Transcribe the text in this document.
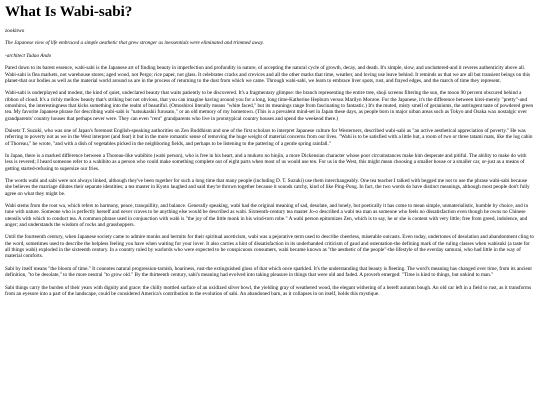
What Is Wabi-sabi?
zookitwo
The Japanese view of life embraced a simple aesthetic that grew stronger as inessentials were eliminated and trimmed away.
-architect Tadao Ando

Pared down to its barest essence, wabi-sabi is the Japanese art of finding beauty in imperfection and profundity in nature, of accepting the natural cycle of growth, decay, and death. It's simple, slow, and uncluttered-and it reveres authenticity above all. Wabi-sabi is flea markets, not warehouse stores; aged wood, not Pergo; rice paper, not glass. It celebrates cracks and crevices and all the other marks that time, weather, and loving use leave behind. It reminds us that we are all but transient beings on this planet-that our bodies as well as the material world around us are in the process of returning to the dust from which we came. Through wabi-sabi, we learn to embrace liver spots, rust, and frayed edges, and the march of time they represent.

Wabi-sabi is underplayed and modest, the kind of quiet, undeclared beauty that waits patiently to be discovered. It's a fragmentary glimpse: the branch representing the entire tree, shoji screens filtering the sun, the moon 90 percent obscured behind a ribbon of cloud. It's a richly mellow beauty that's striking but not obvious, that you can imagine having around you for a long, long time-Katherine Hepburn versus Marilyn Monroe. For the Japanese, it's the difference between kirei-merely "pretty"-and omoshiroi, the interestingness that kicks something into the realm of beautiful. (Omoshiroi literally means "white faced," but its meanings range from fascinating to fantastic.) It's the muted, misty smell of geraniums, the astringent taste of powdered green tea. My favorite Japanese phrase for describing wabi-sabi is "natsukashii furusato," or an old memory of my hometown. (This is a prevalent mind-set in Japan these days, as people born in major urban areas such as Tokyo and Osaka wax nostalgic over grandparents' country houses that perhaps never were. They can even "rent" grandparents who live in prototypical country houses and spend the weekend there.)

Daisetz T. Suzuki, who was one of Japan's foremost English-speaking authorities on Zen Buddhism and one of the first scholars to interpret Japanese culture for Westerners, described wabi-sabi as "an active aesthetical appreciation of poverty." He was referring to poverty not as we in the West interpret (and fear) it but in the more romantic sense of removing the huge weight of material concerns from our lives. "Wabi is to be satisfied with a little hut, a room of two or three tatami mats, like the log cabin of Thoreau," he wrote, "and with a dish of vegetables picked in the neighboring fields, and perhaps to be listening to the pattering of a gentle spring rainfall."

In Japan, there is a marked difference between a Thoreau-like wabibito (wabi person), who is free in his heart, and a mukoto no hinjin, a more Dickensian character whose poor circumstances make him desperate and pitiful. The ability to make do with less is revered; I heard someone refer to a wabibito as a person who could make something complete out of eight parts when most of us would use ten. For us in the West, this might mean choosing a smaller house or a smaller car, or-just as a means of getting started-refusing to supersize our fries.

The words wabi and sabi were not always linked, although they've been together for such a long time that many people (including D. T. Suzuki) use them interchangeably. One tea teacher I talked with begged me not to use the phrase wabi-sabi because she believes the marriage dilutes their separate identities; a tea master in Kyoto laughed and said they're thrown together because it sounds catchy, kind of like Ping-Pong. In fact, the two words do have distinct meanings, although most people don't fully agree on what they might be.

Wabi stems from the root wa, which refers to harmony, peace, tranquillity, and balance. Generally speaking, wabi had the original meaning of sad, desolate, and lonely, but poetically it has come to mean simple, unmaterialistic, humble by choice, and in tune with nature. Someone who is perfectly herself and never craves to be anything else would be described as wabi. Sixteenth-century tea master Jo-o described a wabi tea man as someone who feels no dissatisfaction even though he owns no Chinese utensils with which to conduct tea. A common phrase used in conjunction with wabi is "the joy of the little monk in his wind-torn robe." A wabi person epitomizes Zen, which is to say, he or she is content with very little; free from greed, indolence, and anger; and understands the wisdom of rocks and grasshoppers.

Until the fourteenth century, when Japanese society came to admire monks and hermits for their spiritual asceticism, wabi was a pejorative term used to describe cheerless, miserable outcasts. Even today, undertones of desolation and abandonment cling to the word, sometimes used to describe the helpless feeling you have when waiting for your lover. It also carries a hint of dissatisfaction in its underhanded criticism of gaud and ostentation-the defining mark of the ruling classes when wabisuki (a taste for all things wabi) exploded in the sixteenth century. In a country ruled by warlords who were expected to be conspicuous consumers, wabi became known as "the aesthetic of the people"-the lifestyle of the everday samurai, who had little in the way of material comforts.

Sabi by itself means "the bloom of time." It connotes natural progression-tarnish, hoariness, rust-the extinguished gloss of that which once sparkled. It's the understanding that beauty is fleeting. The word's meaning has changed over time, from its ancient definition, "to be desolate," to the more neutral "to grow old." By the thirteenth century, sabi's meaning had evolved into taking pleasure in things that were old and faded. A proverb emerged: "Time is kind to things, but unkind to man."

Sabi things carry the burden of their years with dignity and grace: the chilly mottled surface of an oxidized silver bowl, the yielding gray of weathered wood, the elegant withering of a bereft autumn bough. An old car left in a field to rust, as it transforms from an eyesore into a part of the landscape, could be considered America's contribution to the evolution of sabi. An abandoned barn, as it collapses in on itself, holds this mystique.
